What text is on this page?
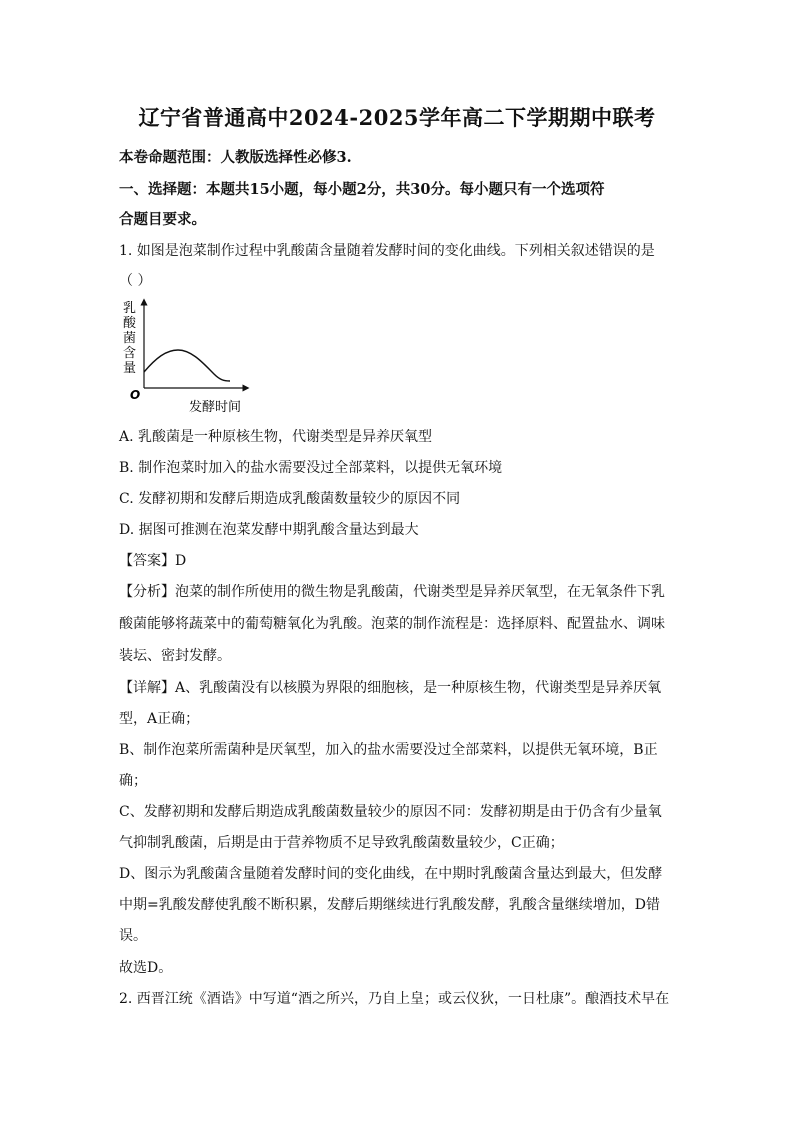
辽宁省普通高中2024-2025学年高二下学期期中联考
本卷命题范围：人教版选择性必修3.
一、选择题：本题共15小题，每小题2分，共30分。每小题只有一个选项符
合题目要求。
1. 如图是泡菜制作过程中乳酸菌含量随着发酵时间的变化曲线。下列相关叙述错误的是
（ ）
乳
酸
菌
含
量
O
发酵时间
A. 乳酸菌是一种原核生物，代谢类型是异养厌氧型
B. 制作泡菜时加入的盐水需要没过全部菜料，以提供无氧环境
C. 发酵初期和发酵后期造成乳酸菌数量较少的原因不同
D. 据图可推测在泡菜发酵中期乳酸含量达到最大
【答案】D
【分析】泡菜的制作所使用的微生物是乳酸菌，代谢类型是异养厌氧型，在无氧条件下乳
酸菌能够将蔬菜中的葡萄糖氧化为乳酸。泡菜的制作流程是：选择原料、配置盐水、调味
装坛、密封发酵。
【详解】A、乳酸菌没有以核膜为界限的细胞核，是一种原核生物，代谢类型是异养厌氧
型，A正确；
B、制作泡菜所需菌种是厌氧型，加入的盐水需要没过全部菜料，以提供无氧环境，B正
确；
C、发酵初期和发酵后期造成乳酸菌数量较少的原因不同：发酵初期是由于仍含有少量氧
气抑制乳酸菌，后期是由于营养物质不足导致乳酸菌数量较少，C正确；
D、图示为乳酸菌含量随着发酵时间的变化曲线，在中期时乳酸菌含量达到最大，但发酵
中期=乳酸发酵使乳酸不断积累，发酵后期继续进行乳酸发酵，乳酸含量继续增加，D错
误。
故选D。
2. 西晋江统《酒诰》中写道“酒之所兴，乃自上皇；或云仪狄，一日杜康”。酿酒技术早在
